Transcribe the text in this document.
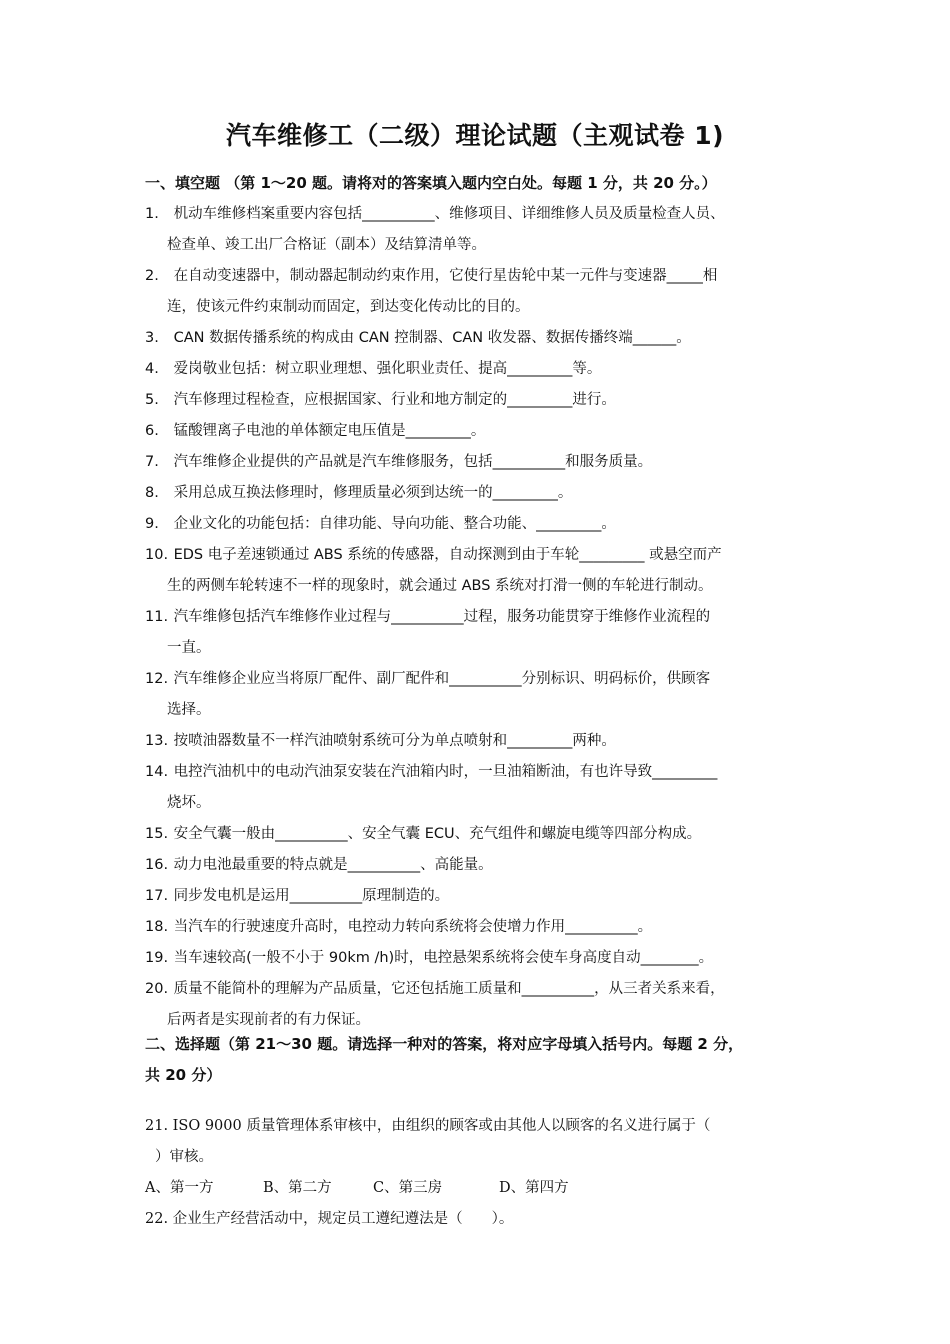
汽车维修工（二级）理论试题（主观试卷 1)
一、填空题 （第 1～20 题。请将对的答案填入题内空白处。每题 1 分，共 20 分。）
1. 机动车维修档案重要内容包括__________、维修项目、详细维修人员及质量检查人员、
检查单、竣工出厂合格证（副本）及结算清单等。
2. 在自动变速器中，制动器起制动约束作用，它使行星齿轮中某一元件与变速器_____相
连，使该元件约束制动而固定，到达变化传动比的目的。
3. CAN 数据传播系统的构成由 CAN 控制器、CAN 收发器、数据传播终端______。
4. 爱岗敬业包括：树立职业理想、强化职业责任、提高_________等。
5. 汽车修理过程检查，应根据国家、行业和地方制定的_________进行。
6. 锰酸锂离子电池的单体额定电压值是_________。
7. 汽车维修企业提供的产品就是汽车维修服务，包括__________和服务质量。
8. 采用总成互换法修理时，修理质量必须到达统一的_________。
9. 企业文化的功能包括：自律功能、导向功能、整合功能、_________。
10. EDS 电子差速锁通过 ABS 系统的传感器，自动探测到由于车轮_________ 或悬空而产
生的两侧车轮转速不一样的现象时，就会通过 ABS 系统对打滑一侧的车轮进行制动。
11. 汽车维修包括汽车维修作业过程与__________过程，服务功能贯穿于维修作业流程的
一直。
12. 汽车维修企业应当将原厂配件、副厂配件和__________分别标识、明码标价，供顾客
选择。
13. 按喷油器数量不一样汽油喷射系统可分为单点喷射和_________两种。
14. 电控汽油机中的电动汽油泵安装在汽油箱内时，一旦油箱断油，有也许导致_________
烧坏。
15. 安全气囊一般由__________、安全气囊 ECU、充气组件和螺旋电缆等四部分构成。
16. 动力电池最重要的特点就是__________、高能量。
17. 同步发电机是运用__________原理制造的。
18. 当汽车的行驶速度升高时，电控动力转向系统将会使增力作用__________。
19. 当车速较高(一般不小于 90km /h)时，电控悬架系统将会使车身高度自动________。
20. 质量不能简朴的理解为产品质量，它还包括施工质量和__________，从三者关系来看，
后两者是实现前者的有力保证。
二、选择题（第 21～30 题。请选择一种对的答案，将对应字母填入括号内。每题 2 分，
共 20 分）
21. ISO 9000 质量管理体系审核中，由组织的顾客或由其他人以顾客的名义进行属于（
）审核。
A、第一方	B、第二方	C、第三房	D、第四方
22. 企业生产经营活动中，规定员工遵纪遵法是（　　）。
